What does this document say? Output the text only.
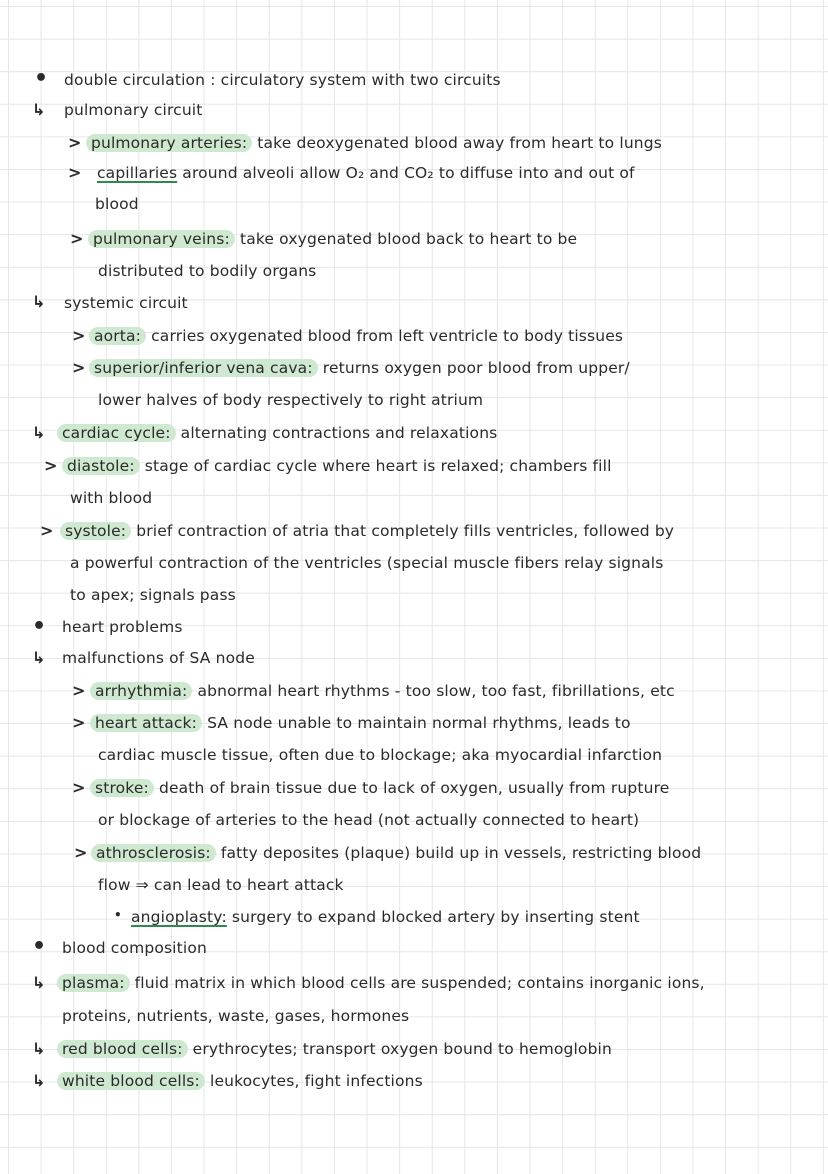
• double circulation : circulatory system with two circuits
↳ pulmonary circuit
> pulmonary arteries: take deoxygenated blood away from heart to lungs
> capillaries around alveoli allow O₂ and CO₂ to diffuse into and out of
blood
> pulmonary veins: take oxygenated blood back to heart to be
distributed to bodily organs
↳ systemic circuit
> aorta: carries oxygenated blood from left ventricle to body tissues
> superior/inferior vena cava: returns oxygen poor blood from upper/
lower halves of body respectively to right atrium
↳	cardiac cycle: alternating contractions and relaxations
> diastole: stage of cardiac cycle where heart is relaxed; chambers fill
with blood
> systole: brief contraction of atria that completely fills ventricles, followed by
a powerful contraction of the ventricles (special muscle fibers relay signals
to apex; signals pass
• heart problems
↳ malfunctions of SA node
> arrhythmia: abnormal heart rhythms - too slow, too fast, fibrillations, etc
> heart attack: SA node unable to maintain normal rhythms, leads to
cardiac muscle tissue, often due to blockage; aka myocardial infarction
> stroke: death of brain tissue due to lack of oxygen, usually from rupture
or blockage of arteries to the head (not actually connected to heart)
> athrosclerosis: fatty deposites (plaque) build up in vessels, restricting blood
flow ⇒ can lead to heart attack
• angioplasty: surgery to expand blocked artery by inserting stent
• blood composition
↳	plasma: fluid matrix in which blood cells are suspended; contains inorganic ions,
proteins, nutrients, waste, gases, hormones
↳	red blood cells: erythrocytes; transport oxygen bound to hemoglobin
↳	white blood cells: leukocytes, fight infections
